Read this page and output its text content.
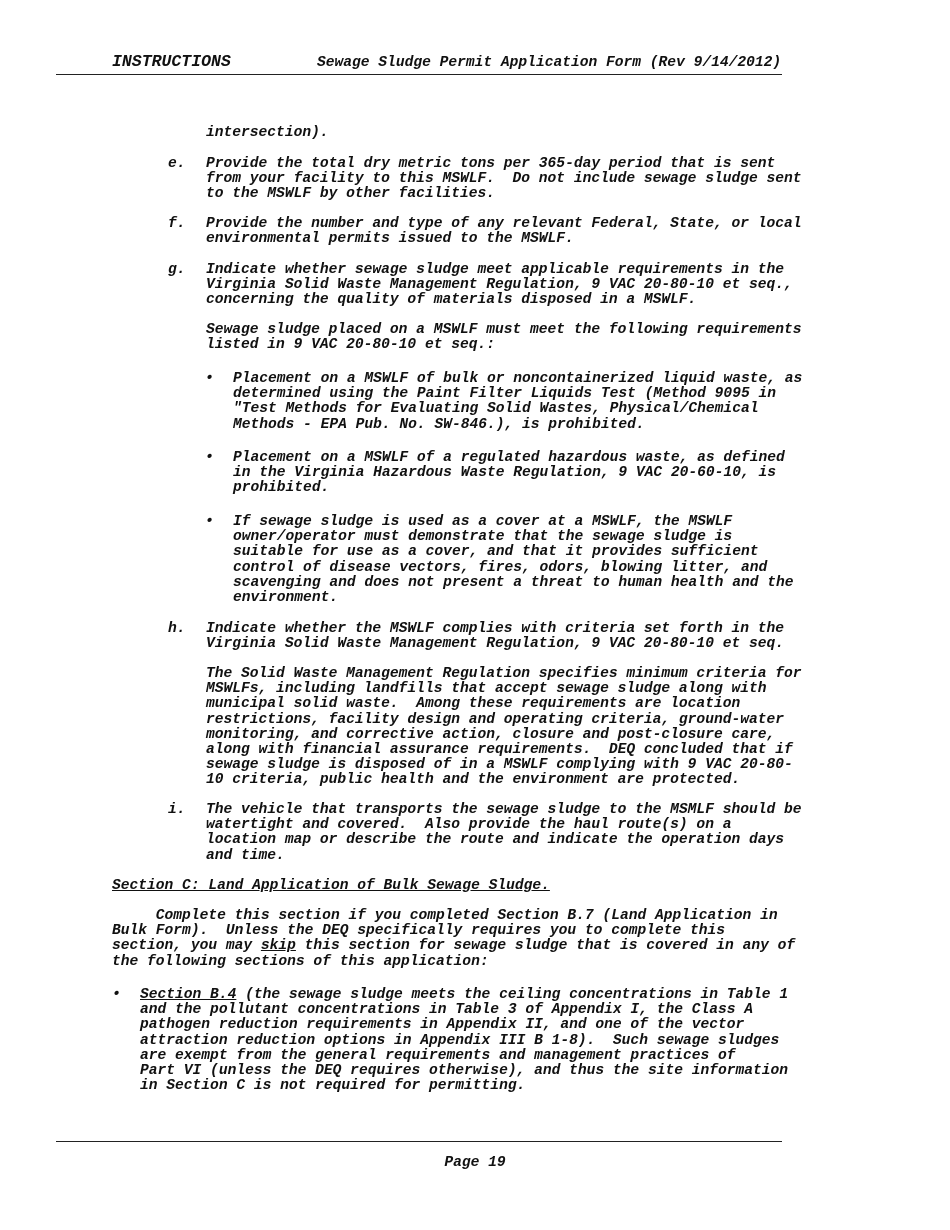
INSTRUCTIONS	Sewage Sludge Permit Application Form (Rev 9/14/2012)
intersection).
e. Provide the total dry metric tons per 365-day period that is sent
from your facility to this MSWLF.  Do not include sewage sludge sent
to the MSWLF by other facilities.
f. Provide the number and type of any relevant Federal, State, or local
environmental permits issued to the MSWLF.
g. Indicate whether sewage sludge meet applicable requirements in the
Virginia Solid Waste Management Regulation, 9 VAC 20-80-10 et seq.,
concerning the quality of materials disposed in a MSWLF.
Sewage sludge placed on a MSWLF must meet the following requirements
listed in 9 VAC 20-80-10 et seq.:
• Placement on a MSWLF of bulk or noncontainerized liquid waste, as
determined using the Paint Filter Liquids Test (Method 9095 in
"Test Methods for Evaluating Solid Wastes, Physical/Chemical
Methods - EPA Pub. No. SW-846.), is prohibited.
• Placement on a MSWLF of a regulated hazardous waste, as defined
in the Virginia Hazardous Waste Regulation, 9 VAC 20-60-10, is
prohibited.
• If sewage sludge is used as a cover at a MSWLF, the MSWLF
owner/operator must demonstrate that the sewage sludge is
suitable for use as a cover, and that it provides sufficient
control of disease vectors, fires, odors, blowing litter, and
scavenging and does not present a threat to human health and the
environment.
h. Indicate whether the MSWLF complies with criteria set forth in the
Virginia Solid Waste Management Regulation, 9 VAC 20-80-10 et seq.
The Solid Waste Management Regulation specifies minimum criteria for
MSWLFs, including landfills that accept sewage sludge along with
municipal solid waste.  Among these requirements are location
restrictions, facility design and operating criteria, ground-water
monitoring, and corrective action, closure and post-closure care,
along with financial assurance requirements.  DEQ concluded that if
sewage sludge is disposed of in a MSWLF complying with 9 VAC 20-80-
10 criteria, public health and the environment are protected.
i. The vehicle that transports the sewage sludge to the MSMLF should be
watertight and covered.  Also provide the haul route(s) on a
location map or describe the route and indicate the operation days
and time.
Section C: Land Application of Bulk Sewage Sludge.
Complete this section if you completed Section B.7 (Land Application in
Bulk Form).  Unless the DEQ specifically requires you to complete this
section, you may skip this section for sewage sludge that is covered in any of
the following sections of this application:
• Section B.4 (the sewage sludge meets the ceiling concentrations in Table 1
and the pollutant concentrations in Table 3 of Appendix I, the Class A
pathogen reduction requirements in Appendix II, and one of the vector
attraction reduction options in Appendix III B 1-8).  Such sewage sludges
are exempt from the general requirements and management practices of
Part VI (unless the DEQ requires otherwise), and thus the site information
in Section C is not required for permitting.
Page 19
